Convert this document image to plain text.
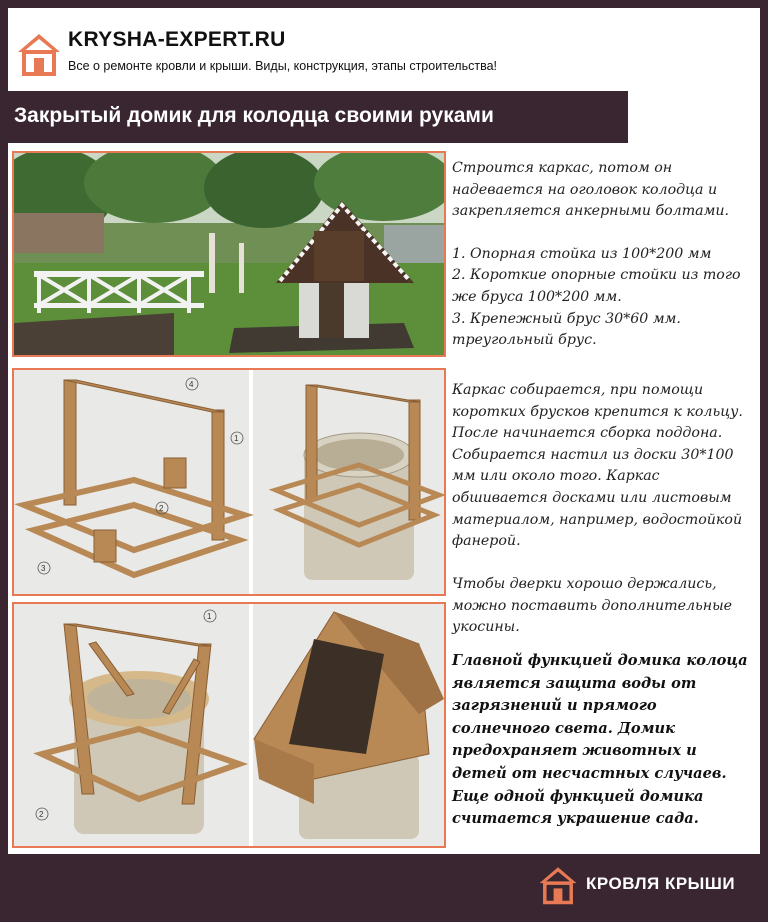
KRYSHA-EXPERT.RU
Все о ремонте кровли и крыши. Виды, конструкция, этапы строительства!
Закрытый домик для колодца своими руками
4
1
2
3
1
2

Строится каркас, потом он надевается на оголовок колодца и закрепляется анкерными болтами.

1. Опорная стойка из 100*200 мм
2. Короткие опорные стойки из того же бруса 100*200 мм.
3. Крепежный брус 30*60 мм. треугольный брус.

Каркас собирается, при помощи коротких брусков крепится к кольцу. После начинается сборка поддона. Собирается настил из доски 30*100 мм или около того. Каркас обшивается досками или листовым материалом, например, водостойкой фанерой.

Чтобы дверки хорошо держались, можно поставить дополнительные укосины.

Главной функцией домика колоца является защита воды от загрязнений и прямого солнечного света. Домик предохраняет животных и детей от несчастных случаев. Еще одной функцией домика считается украшение сада.

КРОВЛЯ КРЫШИ
